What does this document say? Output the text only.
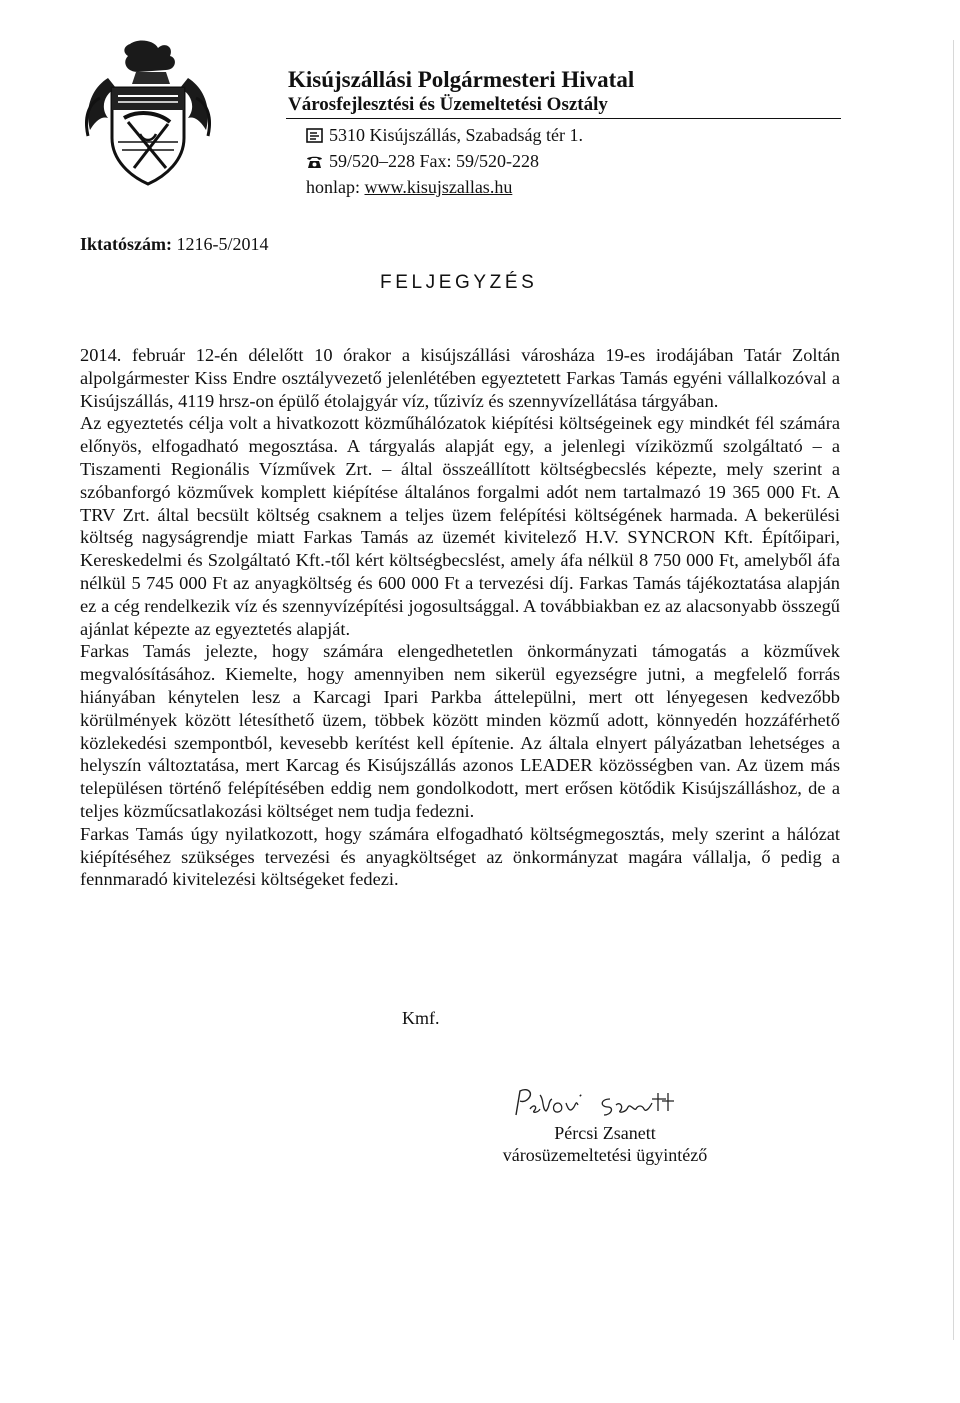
Kisújszállási Polgármesteri Hivatal
Városfejlesztési és Üzemeltetési Osztály
5310 Kisújszállás, Szabadság tér 1.
59/520–228 Fax: 59/520-228
honlap: www.kisujszallas.hu
Iktatószám: 1216-5/2014
FELJEGYZÉS

2014. február 12-én délelőtt 10 órakor a kisújszállási városháza 19-es irodájában Tatár Zoltán alpolgármester Kiss Endre osztályvezető jelenlétében egyeztetett Farkas Tamás egyéni vállalkozóval a Kisújszállás, 4119 hrsz-on épülő étolajgyár víz, tűzivíz és szennyvízellátása tárgyában.

Az egyeztetés célja volt a hivatkozott közműhálózatok kiépítési költségeinek egy mindkét fél számára előnyös, elfogadható megosztása. A tárgyalás alapját egy, a jelenlegi víziközmű szolgáltató – a Tiszamenti Regionális Vízművek Zrt. – által összeállított költségbecslés képezte, mely szerint a szóbanforgó közművek komplett kiépítése általános forgalmi adót nem tartalmazó 19 365 000 Ft. A TRV Zrt. által becsült költség csaknem a teljes üzem felépítési költségének harmada. A bekerülési költség nagyságrendje miatt Farkas Tamás az üzemét kivitelező H.V. SYNCRON Kft. Építőipari, Kereskedelmi és Szolgáltató Kft.-től kért költségbecslést, amely áfa nélkül 8 750 000 Ft, amelyből áfa nélkül 5 745 000 Ft az anyagköltség és 600 000 Ft a tervezési díj. Farkas Tamás tájékoztatása alapján ez a cég rendelkezik víz és szennyvízépítési jogosultsággal. A továbbiakban ez az alacsonyabb összegű ajánlat képezte az egyeztetés alapját.

Farkas Tamás jelezte, hogy számára elengedhetetlen önkormányzati támogatás a közművek megvalósításához. Kiemelte, hogy amennyiben nem sikerül egyezségre jutni, a megfelelő forrás hiányában kénytelen lesz a Karcagi Ipari Parkba áttelepülni, mert ott lényegesen kedvezőbb körülmények között létesíthető üzem, többek között minden közmű adott, könnyedén hozzáférhető közlekedési szempontból, kevesebb kerítést kell építenie. Az általa elnyert pályázatban lehetséges a helyszín változtatása, mert Karcag és Kisújszállás azonos LEADER közösségben van. Az üzem más településen történő felépítésében eddig nem gondolkodott, mert erősen kötődik Kisújszálláshoz, de a teljes közműcsatlakozási költséget nem tudja fedezni.

Farkas Tamás úgy nyilatkozott, hogy számára elfogadható költségmegosztás, mely szerint a hálózat kiépítéséhez szükséges tervezési és anyagköltséget az önkormányzat magára vállalja, ő pedig a fennmaradó kivitelezési költségeket fedezi.

Kmf.
Pércsi Zsanett
városüzemeltetési ügyintéző
